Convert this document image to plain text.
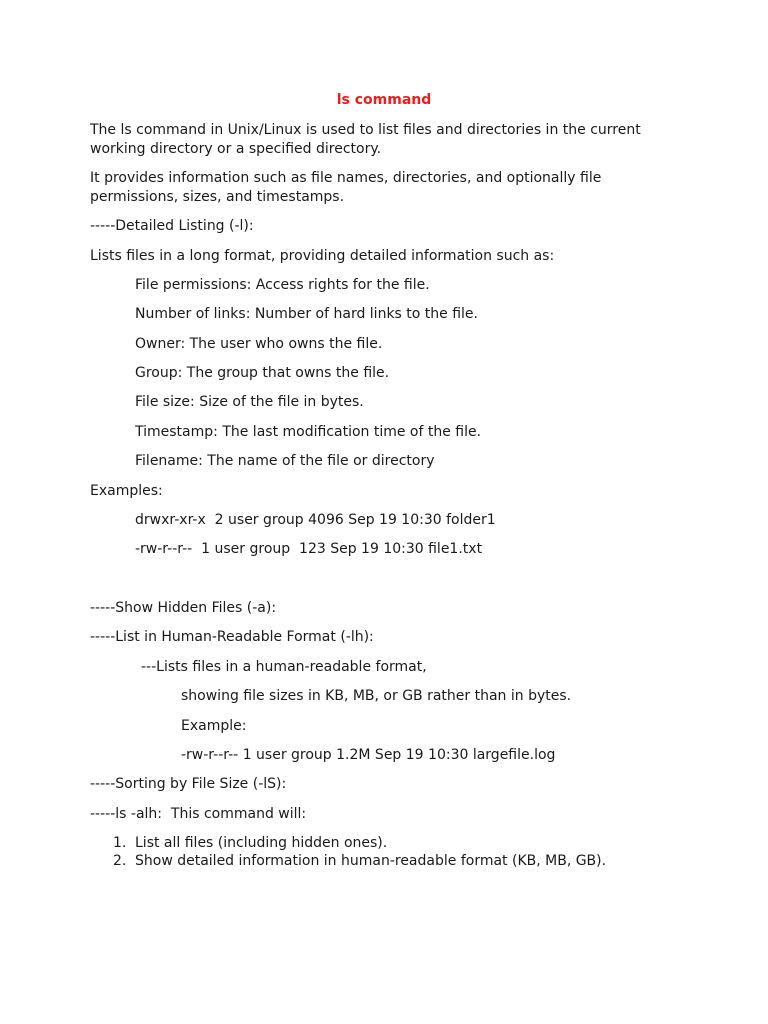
ls command

The ls command in Unix/Linux is used to list files and directories in the current

working directory or a specified directory.

It provides information such as file names, directories, and optionally file

permissions, sizes, and timestamps.

-----Detailed Listing (-l):

Lists files in a long format, providing detailed information such as:

File permissions: Access rights for the file.

Number of links: Number of hard links to the file.

Owner: The user who owns the file.

Group: The group that owns the file.

File size: Size of the file in bytes.

Timestamp: The last modification time of the file.

Filename: The name of the file or directory

Examples:

drwxr-xr-x  2 user group 4096 Sep 19 10:30 folder1

-rw-r--r--  1 user group  123 Sep 19 10:30 file1.txt

-----Show Hidden Files (-a):

-----List in Human-Readable Format (-lh):

---Lists files in a human-readable format,

showing file sizes in KB, MB, or GB rather than in bytes.

Example:

-rw-r--r-- 1 user group 1.2M Sep 19 10:30 largefile.log

-----Sorting by File Size (-lS):

-----ls -alh:  This command will:

1. List all files (including hidden ones).

2. Show detailed information in human-readable format (KB, MB, GB).
